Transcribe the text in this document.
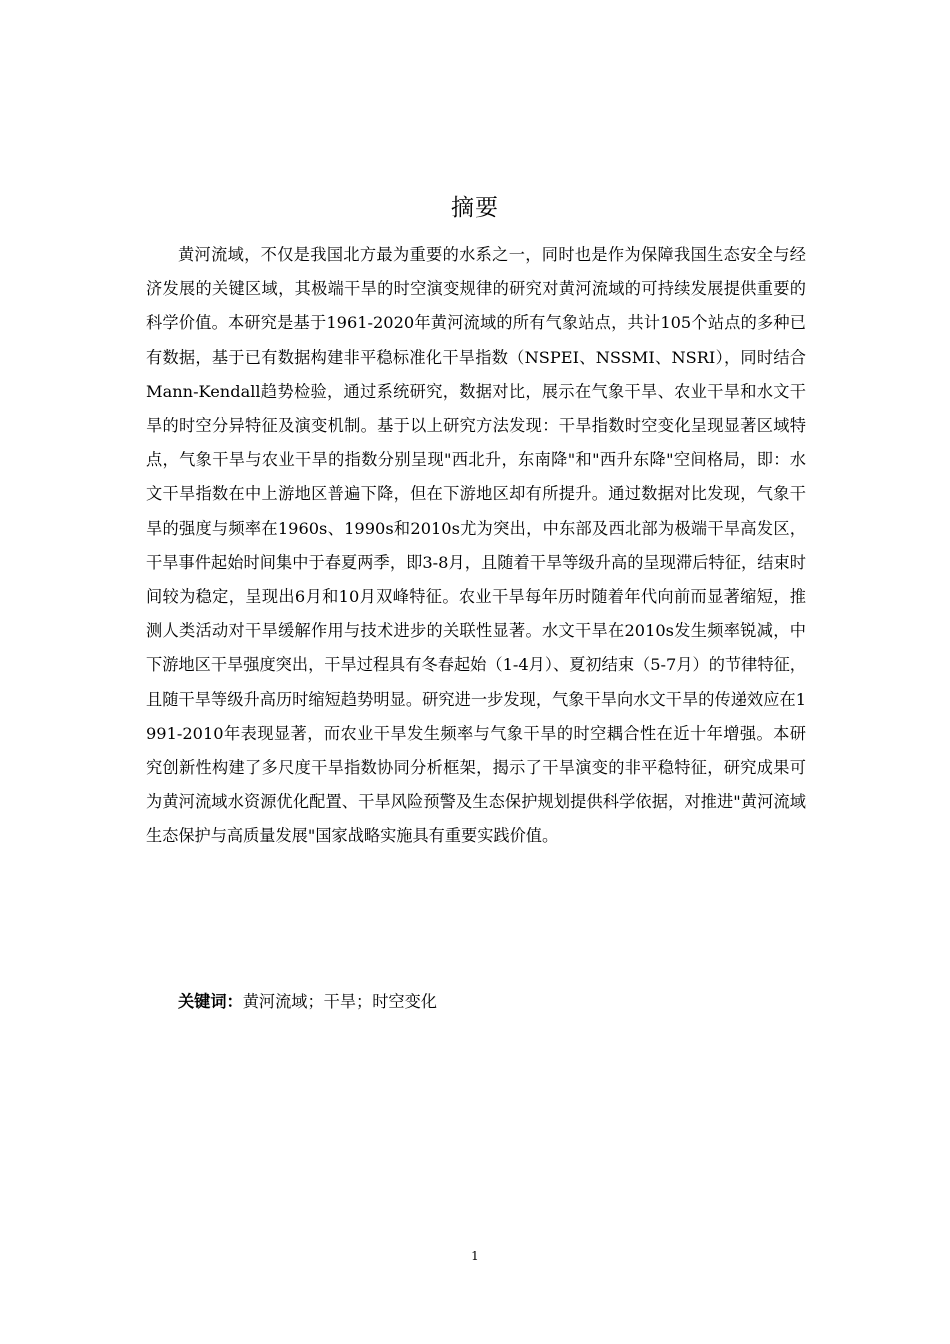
摘要

黄河流域，不仅是我国北方最为重要的水系之一，同时也是作为保障我国生态安全与经济发展的关键区域，其极端干旱的时空演变规律的研究对黄河流域的可持续发展提供重要的科学价值。本研究是基于1961-2020年黄河流域的所有气象站点，共计105个站点的多种已有数据，基于已有数据构建非平稳标准化干旱指数（NSPEI、NSSMI、NSRI），同时结合Mann-Kendall趋势检验，通过系统研究，数据对比，展示在气象干旱、农业干旱和水文干旱的时空分异特征及演变机制。基于以上研究方法发现：干旱指数时空变化呈现显著区域特点，气象干旱与农业干旱的指数分别呈现"西北升，东南降"和"西升东降"空间格局，即：水文干旱指数在中上游地区普遍下降，但在下游地区却有所提升。通过数据对比发现，气象干旱的强度与频率在1960s、1990s和2010s尤为突出，中东部及西北部为极端干旱高发区，干旱事件起始时间集中于春夏两季，即3-8月，且随着干旱等级升高的呈现滞后特征，结束时间较为稳定，呈现出6月和10月双峰特征。农业干旱每年历时随着年代向前而显著缩短，推测人类活动对干旱缓解作用与技术进步的关联性显著。水文干旱在2010s发生频率锐减，中下游地区干旱强度突出，干旱过程具有冬春起始（1-4月）、夏初结束（5-7月）的节律特征，且随干旱等级升高历时缩短趋势明显。研究进一步发现，气象干旱向水文干旱的传递效应在1991-2010年表现显著，而农业干旱发生频率与气象干旱的时空耦合性在近十年增强。本研究创新性构建了多尺度干旱指数协同分析框架，揭示了干旱演变的非平稳特征，研究成果可为黄河流域水资源优化配置、干旱风险预警及生态保护规划提供科学依据，对推进"黄河流域生态保护与高质量发展"国家战略实施具有重要实践价值。

关键词：黄河流域；干旱；时空变化

1
